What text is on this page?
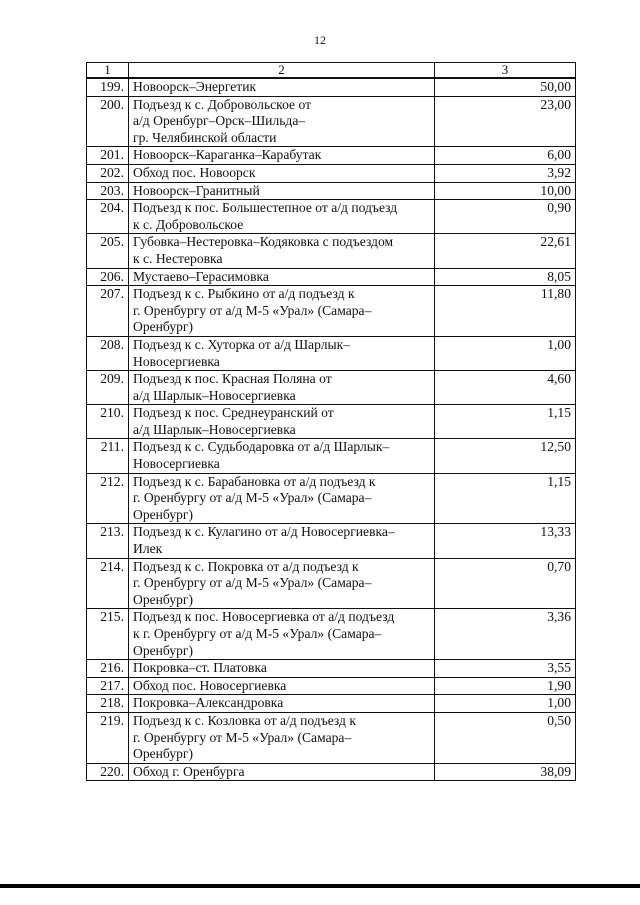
12
1	2	3
199.	Новоорск–Энергетик	50,00
200.	Подъезд к с. Добровольское от
а/д Оренбург–Орск–Шильда–
гр. Челябинской области	23,00
201.	Новоорск–Караганка–Карабутак	6,00
202.	Обход пос. Новоорск	3,92
203.	Новоорск–Гранитный	10,00
204.	Подъезд к пос. Большестепное от а/д подъезд
к с. Добровольское	0,90
205.	Губовка–Нестеровка–Кодяковка с подъездом
к с. Нестеровка	22,61
206.	Мустаево–Герасимовка	8,05
207.	Подъезд к с. Рыбкино от а/д подъезд к
г. Оренбургу от а/д М-5 «Урал» (Самара–
Оренбург)	11,80
208.	Подъезд к с. Хуторка от а/д Шарлык–
Новосергиевка	1,00
209.	Подъезд к пос. Красная Поляна от
а/д Шарлык–Новосергиевка	4,60
210.	Подъезд к пос. Среднеуранский от
а/д Шарлык–Новосергиевка	1,15
211.	Подъезд к с. Судьбодаровка от а/д Шарлык–
Новосергиевка	12,50
212.	Подъезд к с. Барабановка от а/д подъезд к
г. Оренбургу от а/д М-5 «Урал» (Самара–
Оренбург)	1,15
213.	Подъезд к с. Кулагино от а/д Новосергиевка–
Илек	13,33
214.	Подъезд к с. Покровка от а/д подъезд к
г. Оренбургу от а/д М-5 «Урал» (Самара–
Оренбург)	0,70
215.	Подъезд к пос. Новосергиевка от а/д подъезд
к г. Оренбургу от а/д М-5 «Урал» (Самара–
Оренбург)	3,36
216.	Покровка–ст. Платовка	3,55
217.	Обход пос. Новосергиевка	1,90
218.	Покровка–Александровка	1,00
219.	Подъезд к с. Козловка от а/д подъезд к
г. Оренбургу от М-5 «Урал» (Самара–
Оренбург)	0,50
220.	Обход г. Оренбурга	38,09
